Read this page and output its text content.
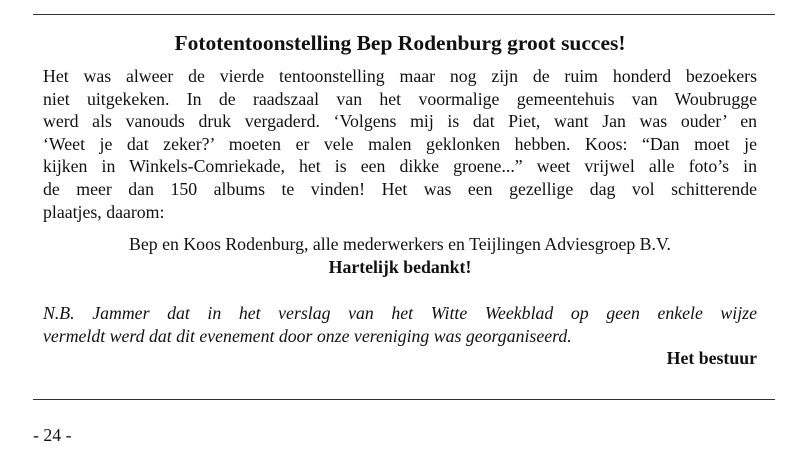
Fototentoonstelling Bep Rodenburg groot succes!
Het was alweer de vierde tentoonstelling maar nog zijn de ruim honderd bezoekers
niet uitgekeken. In de raadszaal van het voormalige gemeentehuis van Woubrugge
werd als vanouds druk vergaderd. ‘Volgens mij is dat Piet, want Jan was ouder’ en
‘Weet je dat zeker?’ moeten er vele malen geklonken hebben. Koos: “Dan moet je
kijken in Winkels-Comriekade, het is een dikke groene...” weet vrijwel alle foto’s in
de meer dan 150 albums te vinden! Het was een gezellige dag vol schitterende
plaatjes, daarom:

Bep en Koos Rodenburg, alle mederwerkers en Teijlingen Adviesgroep B.V.

Hartelijk bedankt!

N.B. Jammer dat in het verslag van het Witte Weekblad op geen enkele wijze
vermeldt werd dat dit evenement door onze vereniging was georganiseerd.

Het bestuur

- 24 -
